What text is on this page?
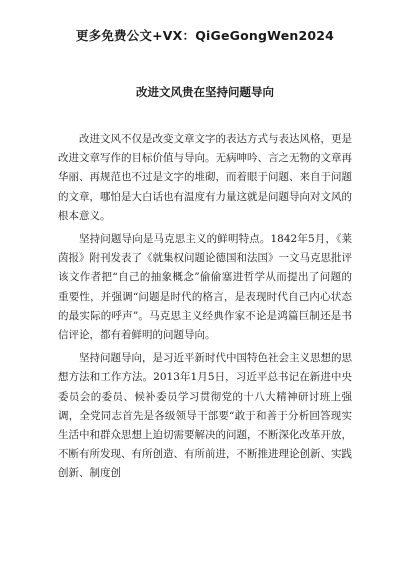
更多免费公文+VX：QiGeGongWen2024
改进文风贵在坚持问题导向

改进文风不仅是改变文章文字的表达方式与表达风格，更是改进文章写作的目标价值与导向。无病呻吟、言之无物的文章再华丽、再规范也不过是文字的堆砌，而着眼于问题、来自于问题的文章，哪怕是大白话也有温度有力量这就是问题导向对文风的根本意义。

坚持问题导向是马克思主义的鲜明特点。1842年5月，《莱茵报》附刊发表了《就集权问题论德国和法国》一文马克思批评该文作者把“自己的抽象概念”偷偷塞进哲学从而提出了问题的重要性，并强调“问题是时代的格言，是表现时代自己内心状态的最实际的呼声”。马克思主义经典作家不论是鸿篇巨制还是书信评论，都有着鲜明的问题导向。

坚持问题导向，是习近平新时代中国特色社会主义思想的思想方法和工作方法。2013年1月5日，习近平总书记在新进中央委员会的委员、候补委员学习贯彻党的十八大精神研讨班上强调，全党同志首先是各级领导干部要“敢于和善于分析回答现实生活中和群众思想上迫切需要解决的问题，不断深化改革开放，不断有所发现、有所创造、有所前进，不断推进理论创新、实践创新、制度创
